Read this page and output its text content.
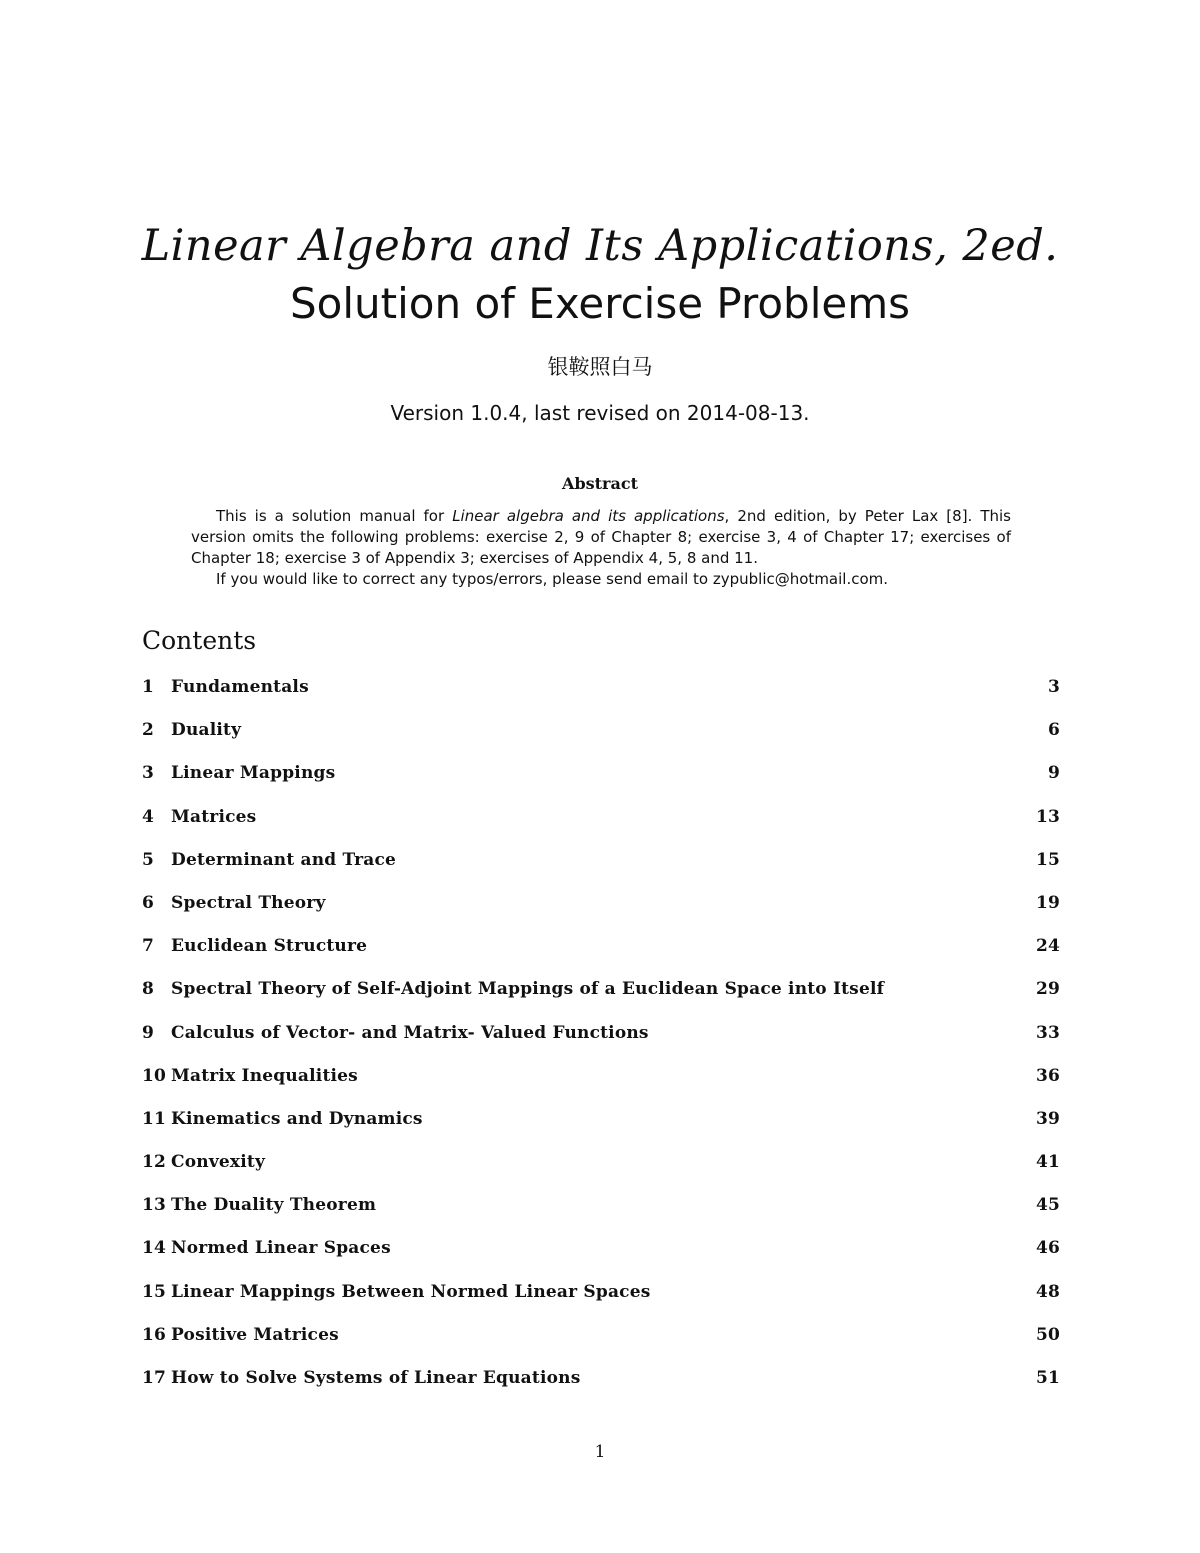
Linear Algebra and Its Applications, 2ed.
Solution of Exercise Problems
银鞍照白马
Version 1.0.4, last revised on 2014-08-13.
Abstract

This is a solution manual for Linear algebra and its applications, 2nd edition, by Peter Lax [8]. This version omits the following problems: exercise 2, 9 of Chapter 8; exercise 3, 4 of Chapter 17; exercises of Chapter 18; exercise 3 of Appendix 3; exercises of Appendix 4, 5, 8 and 11.

If you would like to correct any typos/errors, please send email to zypublic@hotmail.com.

Contents
1 Fundamentals	3
2 Duality	6
3 Linear Mappings	9
4 Matrices	13
5 Determinant and Trace	15
6 Spectral Theory	19
7 Euclidean Structure	24
8 Spectral Theory of Self-Adjoint Mappings of a Euclidean Space into Itself	29
9 Calculus of Vector- and Matrix- Valued Functions	33
10 Matrix Inequalities	36
11 Kinematics and Dynamics	39
12 Convexity	41
13 The Duality Theorem	45
14 Normed Linear Spaces	46
15 Linear Mappings Between Normed Linear Spaces	48
16 Positive Matrices	50
17 How to Solve Systems of Linear Equations	51
1
